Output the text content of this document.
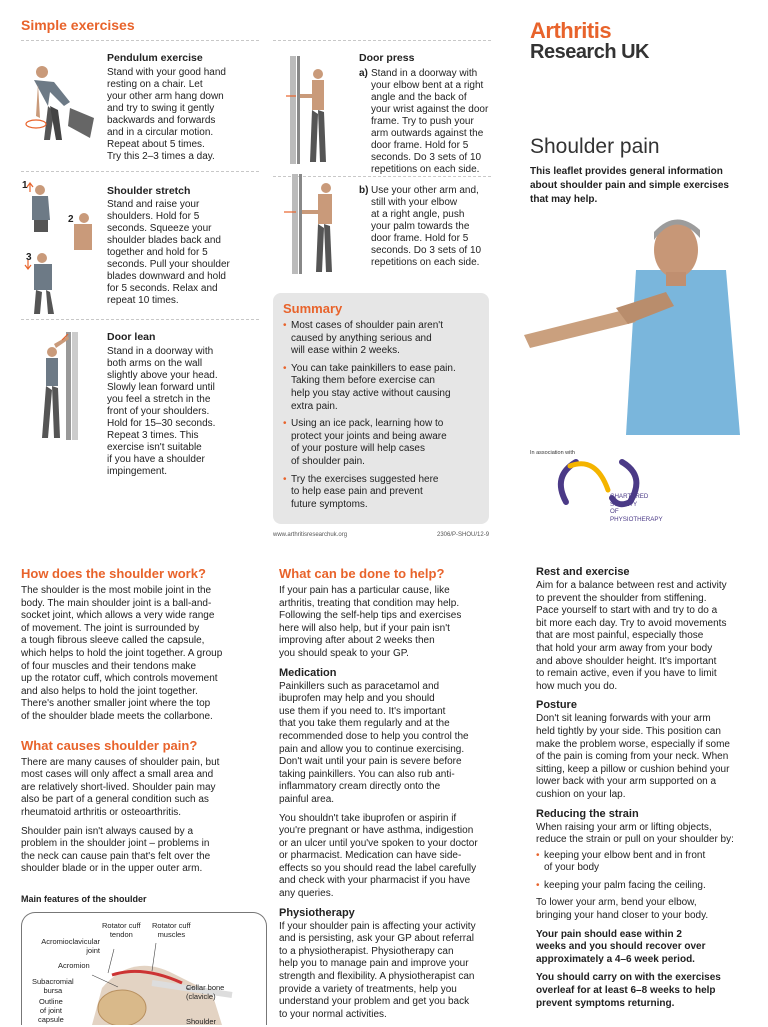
Simple exercises

Pendulum exercise

Stand with your good hand
resting on a chair. Let
your other arm hang down
and try to swing it gently
backwards and forwards
and in a circular motion.
Repeat about 5 times.
Try this 2–3 times a day.

1
2
3

Shoulder stretch

Stand and raise your
shoulders. Hold for 5
seconds. Squeeze your
shoulder blades back and
together and hold for 5
seconds. Pull your shoulder
blades downward and hold
for 5 seconds. Relax and
repeat 10 times.

Door lean

Stand in a doorway with
both arms on the wall
slightly above your head.
Slowly lean forward until
you feel a stretch in the
front of your shoulders.
Hold for 15–30 seconds.
Repeat 3 times. This
exercise isn't suitable
if you have a shoulder
impingement.

Door press

a) Stand in a doorway with
your elbow bent at a right
angle and the back of
your wrist against the door
frame. Try to push your
arm outwards against the
door frame. Hold for 5
seconds. Do 3 sets of 10
repetitions on each side.

b) Use your other arm and,
still with your elbow
at a right angle, push
your palm towards the
door frame. Hold for 5
seconds. Do 3 sets of 10
repetitions on each side.

Summary

• Most cases of shoulder pain aren't
caused by anything serious and
will ease within 2 weeks.
• You can take painkillers to ease pain.
Taking them before exercise can
help you stay active without causing
extra pain.
• Using an ice pack, learning how to
protect your joints and being aware
of your posture will help cases
of shoulder pain.
• Try the exercises suggested here
to help ease pain and prevent
future symptoms.
www.arthritisresearchuk.org	2306/P-SHOU/12-9
Arthritis
Research UK
Shoulder pain
This leaflet provides general information
about shoulder pain and simple exercises
that may help.
In association with
CHARTERED
SOCIETY
OF
PHYSIOTHERAPY

How does the shoulder work?

The shoulder is the most mobile joint in the
body. The main shoulder joint is a ball-and-
socket joint, which allows a very wide range
of movement. The joint is surrounded by
a tough fibrous sleeve called the capsule,
which helps to hold the joint together. A group
of four muscles and their tendons make
up the rotator cuff, which controls movement
and also helps to hold the joint together.
There's another smaller joint where the top
of the shoulder blade meets the collarbone.

What causes shoulder pain?

There are many causes of shoulder pain, but
most cases will only affect a small area and
are relatively short-lived. Shoulder pain may
also be part of a general condition such as
rheumatoid arthritis or osteoarthritis.

Shoulder pain isn't always caused by a
problem in the shoulder joint – problems in
the neck can cause pain that's felt over the
shoulder blade or in the upper outer arm.

Main features of the shoulder

Rotator cuff
tendon
Rotator cuff
muscles
Acromioclavicular
joint
Acromion
Subacromial
bursa
Outline
of joint
capsule
Collar bone
(clavicle)
Shoulder

What can be done to help?

If your pain has a particular cause, like
arthritis, treating that condition may help.
Following the self-help tips and exercises
here will also help, but if your pain isn't
improving after about 2 weeks then
you should speak to your GP.

Medication

Painkillers such as paracetamol and
ibuprofen may help and you should
use them if you need to. It's important
that you take them regularly and at the
recommended dose to help you control the
pain and allow you to continue exercising.
Don't wait until your pain is severe before
taking painkillers. You can also rub anti-
inflammatory cream directly onto the
painful area.

You shouldn't take ibuprofen or aspirin if
you're pregnant or have asthma, indigestion
or an ulcer until you've spoken to your doctor
or pharmacist. Medication can have side-
effects so you should read the label carefully
and check with your pharmacist if you have
any queries.

Physiotherapy

If your shoulder pain is affecting your activity
and is persisting, ask your GP about referral
to a physiotherapist. Physiotherapy can
help you to manage pain and improve your
strength and flexibility. A physiotherapist can
provide a variety of treatments, help you
understand your problem and get you back
to your normal activities.

Rest and exercise

Aim for a balance between rest and activity
to prevent the shoulder from stiffening.
Pace yourself to start with and try to do a
bit more each day. Try to avoid movements
that are most painful, especially those
that hold your arm away from your body
and above shoulder height. It's important
to remain active, even if you have to limit
how much you do.

Posture

Don't sit leaning forwards with your arm
held tightly by your side. This position can
make the problem worse, especially if some
of the pain is coming from your neck. When
sitting, keep a pillow or cushion behind your
lower back with your arm supported on a
cushion on your lap.

Reducing the strain

When raising your arm or lifting objects,
reduce the strain or pull on your shoulder by:

• keeping your elbow bent and in front
of your body
• keeping your palm facing the ceiling.

To lower your arm, bend your elbow,
bringing your hand closer to your body.

Your pain should ease within 2
weeks and you should recover over
approximately a 4–6 week period.

You should carry on with the exercises
overleaf for at least 6–8 weeks to help
prevent symptoms returning.
